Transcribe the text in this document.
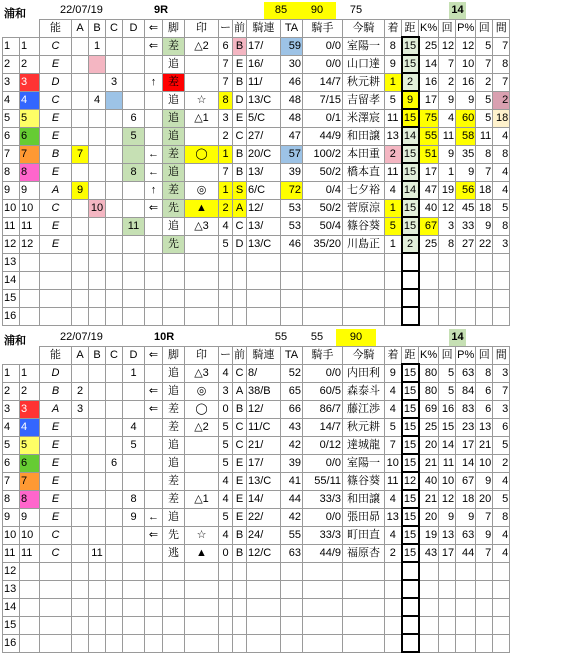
浦和	22/07/19	9R	85	90	75	14
		能	A	B	C	D	⇐	脚	印	ー	前	騎連	TA	騎手	今騎	着	距	K%	回	P%	回	間
1	1	C		1			⇐	差	△2	6	B	17/	59	0/0	室陽一	8	15	25	12	12	5	7
2	2	E						追		7	E	16/	30	0/0	山口達	9	15	14	7	10	7	8
3	3	D			3		↑	差		7	B	11/	46	14/7	秋元耕	1	2	16	2	16	2	7
4	4	C		4				追	☆	8	D	13/C	48	7/15	吉留孝	5	9	17	9	9	5	2
5	5	E				6		追	△1	3	E	5/C	48	0/1	米澤宸	11	15	75	4	60	5	18
6	6	E				5		追		2	C	27/	47	44/9	和田譲	13	14	55	11	58	11	4
7	7	B	7				←	差	◯	1	B	20/C	57	100/2	本田重	2	15	51	9	35	8	8
8	8	E				8	←	追		7	B	13/	39	50/2	橋本直	11	15	17	1	9	7	4
9	9	A	9				↑	差	◎	1	S	6/C	72	0/4	七夕裕	4	14	47	19	56	18	4
10	10	C		10			⇐	先	▲	2	A	12/	53	50/2	菅原涼	1	15	40	12	45	18	5
11	11	E				11		追	△3	4	C	13/	53	50/4	篠谷葵	5	15	67	3	33	9	8
12	12	E						先		5	D	13/C	46	35/20	川島正	1	2	25	8	27	22	3
13																						
14																						
15																						
16																						
浦和	22/07/19	10R	55	55	90	14
		能	A	B	C	D	⇐	脚	印	ー	前	騎連	TA	騎手	今騎	着	距	K%	回	P%	回	間
1	1	D				1		追	△3	4	C	8/	52	0/0	内田利	9	15	80	5	63	8	3
2	2	B	2				⇐	追	◎	3	A	38/B	65	60/5	森泰斗	4	15	80	5	84	6	7
3	3	A	3				⇐	差	◯	0	B	12/	66	86/7	藤江渉	4	15	69	16	83	6	3
4	4	E				4		差	△2	5	C	11/C	43	14/7	秋元耕	5	15	25	15	23	13	6
5	5	E				5		追		5	C	21/	42	0/12	達城龍	7	15	20	14	17	21	5
6	6	E			6			追		5	E	17/	39	0/0	室陽一	10	15	21	11	14	10	2
7	7	E						差		4	E	13/C	41	55/11	篠谷葵	11	12	40	10	67	9	4
8	8	E				8		差	△1	4	E	14/	44	33/3	和田譲	4	15	21	12	18	20	5
9	9	E				9	←	追		5	E	22/	42	0/0	張田昴	13	15	20	9	9	7	8
10	10	C					⇐	先	☆	4	B	24/	55	33/3	町田直	4	15	19	13	63	9	4
11	11	C		11				逃	▲	0	B	12/C	63	44/9	福原杏	2	15	43	17	44	7	4
12																						
13																						
14																						
15																						
16																						
